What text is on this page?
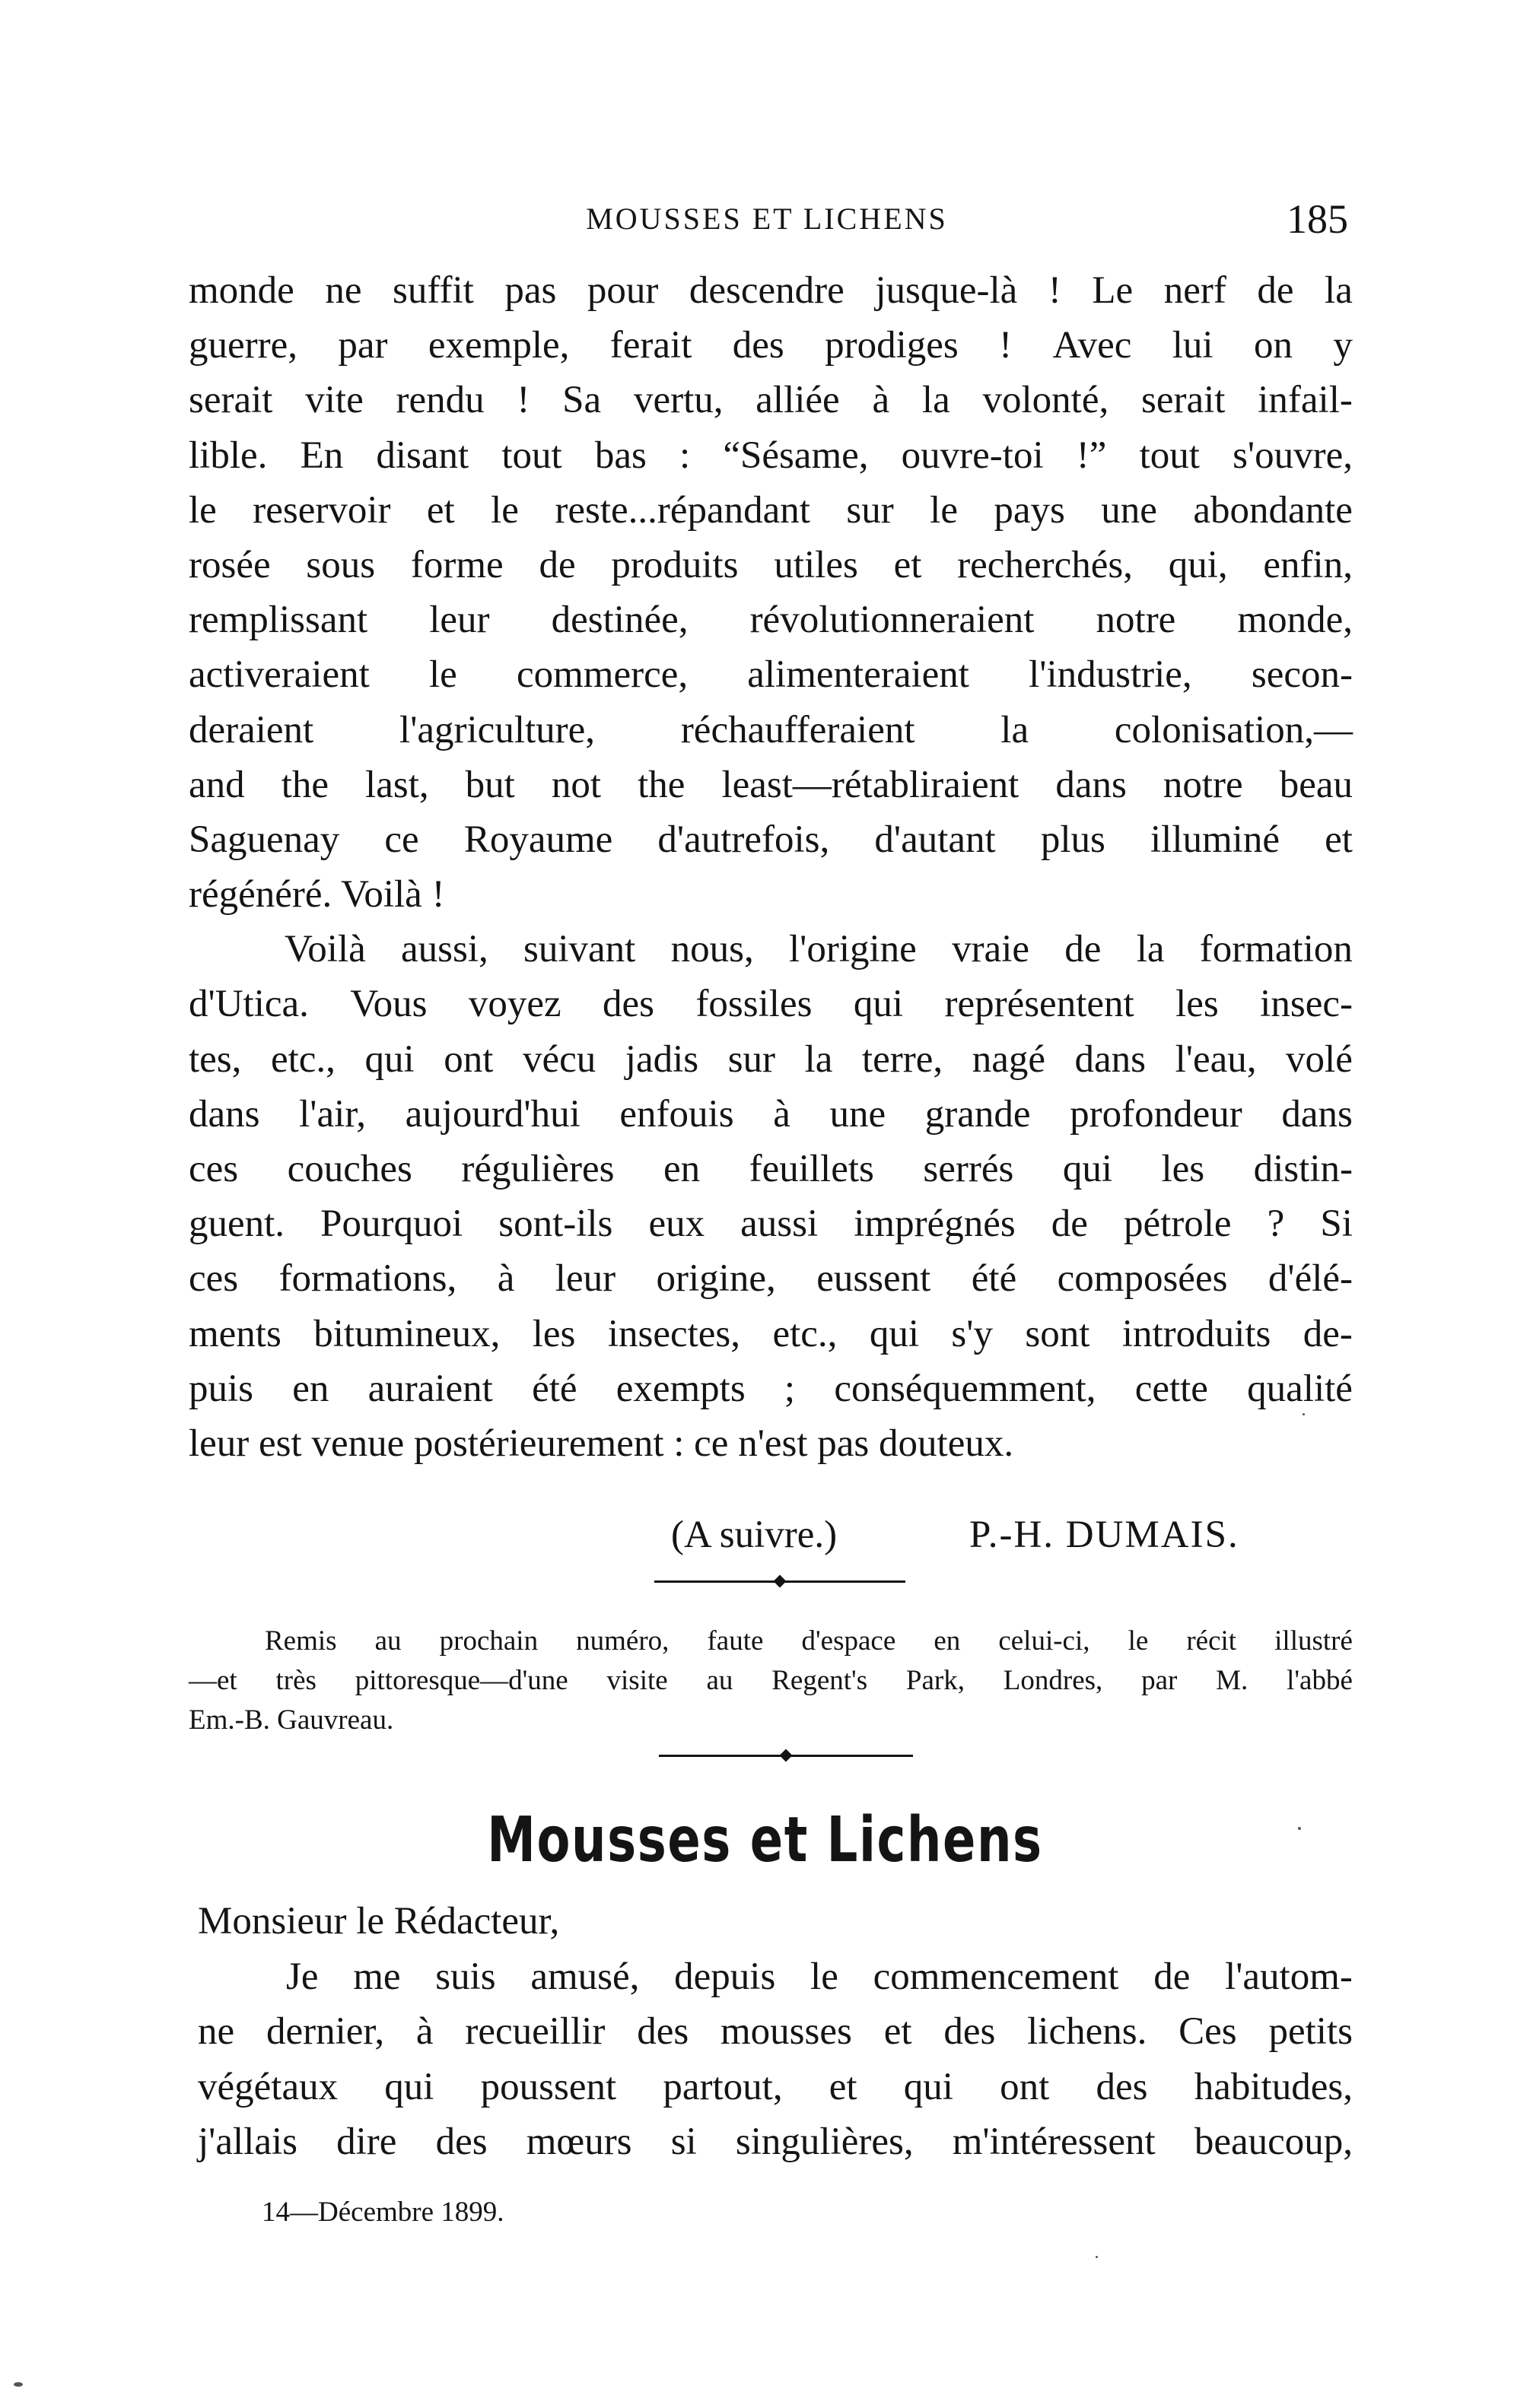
MOUSSES ET LICHENS	185
monde ne suffit pas pour descendre jusque-là ! Le nerf de la
guerre, par exemple, ferait des prodiges ! Avec lui on y
serait vite rendu ! Sa vertu, alliée à la volonté, serait infail-
lible. En disant tout bas : “Sésame, ouvre-toi !” tout s'ouvre,
le reservoir et le reste...répandant sur le pays une abondante
rosée sous forme de produits utiles et recherchés, qui, enfin,
remplissant leur destinée, révolutionneraient notre monde,
activeraient le commerce, alimenteraient l'industrie, secon-
deraient l'agriculture, réchaufferaient la colonisation,—
and the last, but not the least—rétabliraient dans notre beau
Saguenay ce Royaume d'autrefois, d'autant plus illuminé et
régénéré. Voilà !
Voilà aussi, suivant nous, l'origine vraie de la formation
d'Utica. Vous voyez des fossiles qui représentent les insec-
tes, etc., qui ont vécu jadis sur la terre, nagé dans l'eau, volé
dans l'air, aujourd'hui enfouis à une grande profondeur dans
ces couches régulières en feuillets serrés qui les distin-
guent. Pourquoi sont-ils eux aussi imprégnés de pétrole ? Si
ces formations, à leur origine, eussent été composées d'élé-
ments bitumineux, les insectes, etc., qui s'y sont introduits de-
puis en auraient été exempts ; conséquemment, cette qualité
leur est venue postérieurement : ce n'est pas douteux.
(A suivre.)	P.-H. DUMAIS.
Remis au prochain numéro, faute d'espace en celui-ci, le récit illustré
—et très pittoresque—d'une visite au Regent's Park, Londres, par M. l'abbé
Em.-B. Gauvreau.
Mousses et Lichens
Monsieur le Rédacteur,
Je me suis amusé, depuis le commencement de l'autom-
ne dernier, à recueillir des mousses et des lichens. Ces petits
végétaux qui poussent partout, et qui ont des habitudes,
j'allais dire des mœurs si singulières, m'intéressent beaucoup,
14—Décembre 1899.
